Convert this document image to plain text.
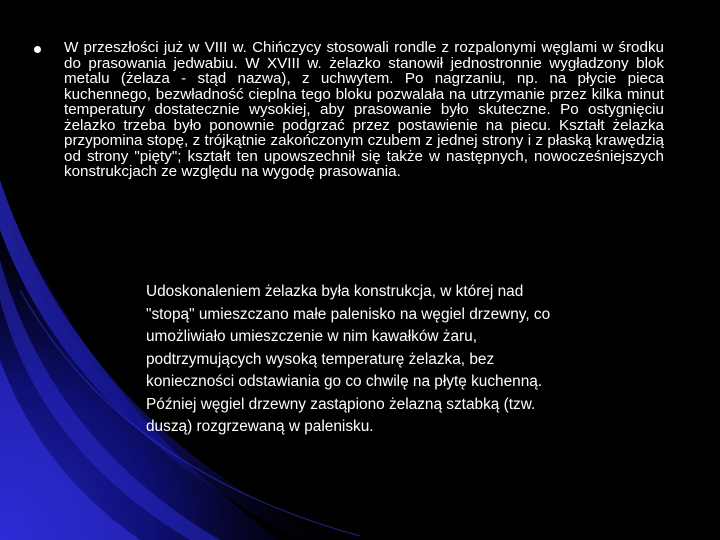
W przeszłości już w VIII w. Chińczycy stosowali rondle z rozpalonymi węglami w środku do prasowania jedwabiu. W XVIII w. żelazko stanowił jednostronnie wygładzony blok metalu (żelaza - stąd nazwa), z uchwytem. Po nagrzaniu, np. na płycie pieca kuchennego, bezwładność cieplna tego bloku pozwalała na utrzymanie przez kilka minut temperatury dostatecznie wysokiej, aby prasowanie było skuteczne. Po ostygnięciu żelazko trzeba było ponownie podgrzać przez postawienie na piecu. Kształt żelazka przypomina stopę, z trójkątnie zakończonym czubem z jednej strony i z płaską krawędzią od strony "pięty"; kształt ten upowszechnił się także w następnych, nowocześniejszych konstrukcjach ze względu na wygodę prasowania.

Udoskonaleniem żelazka była konstrukcja, w której nad "stopą" umieszczano małe palenisko na węgiel drzewny, co umożliwiało umieszczenie w nim kawałków żaru, podtrzymujących wysoką temperaturę żelazka, bez konieczności odstawiania go co chwilę na płytę kuchenną. Później węgiel drzewny zastąpiono żelazną sztabką (tzw. duszą) rozgrzewaną w palenisku.
